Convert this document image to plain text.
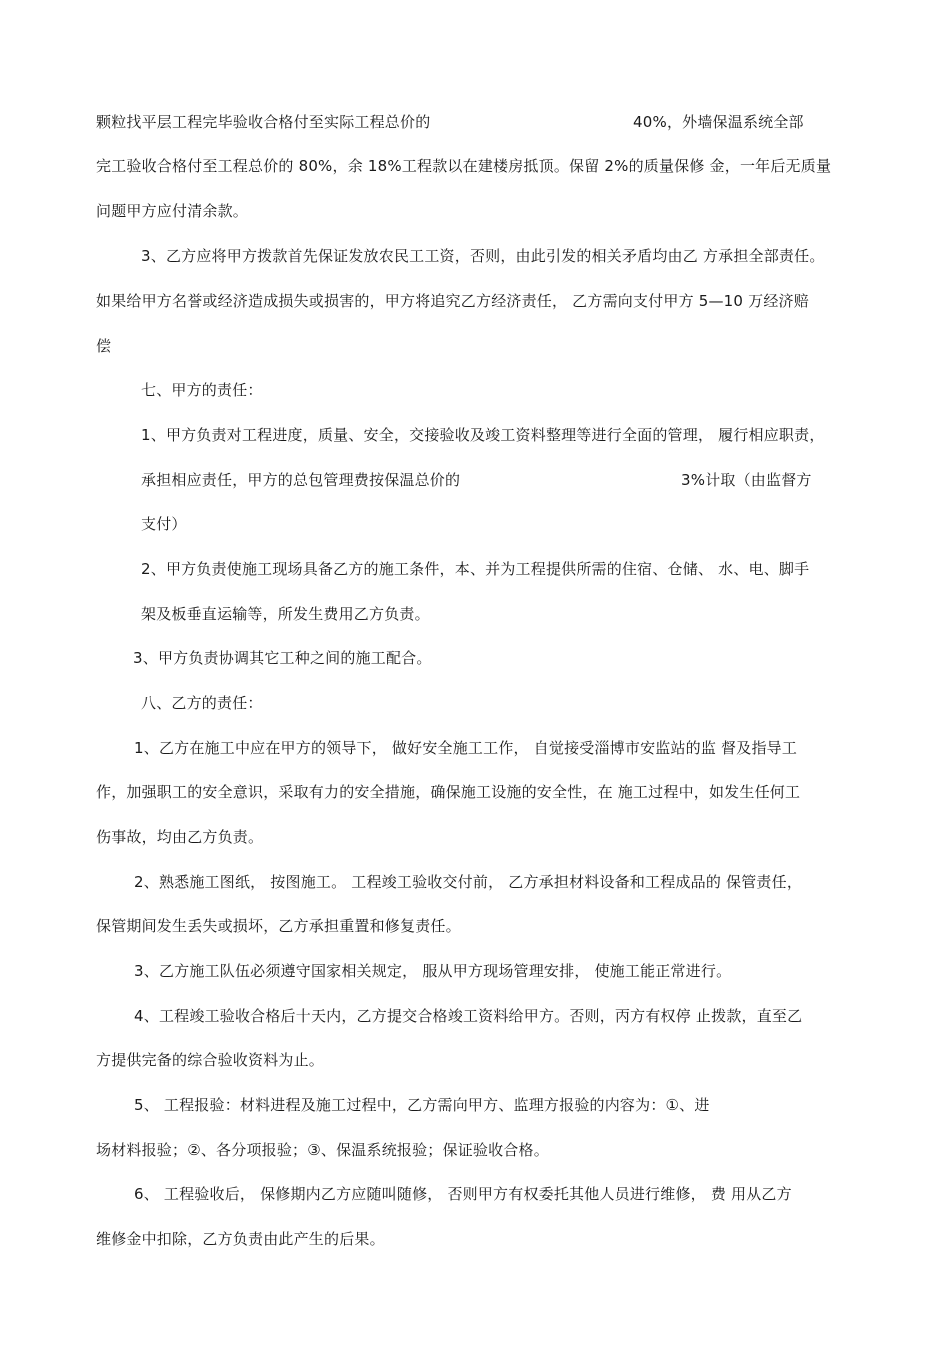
颗粒找平层工程完毕验收合格付至实际工程总价的	40%，外墙保温系统全部
完工验收合格付至工程总价的 80%，余 18%工程款以在建楼房抵顶。保留 2%的质量保修 金，一年后无质量
问题甲方应付清余款。
3、乙方应将甲方拨款首先保证发放农民工工资，否则，由此引发的相关矛盾均由乙 方承担全部责任。
如果给甲方名誉或经济造成损失或损害的，甲方将追究乙方经济责任， 乙方需向支付甲方 5—10 万经济赔
偿
七、甲方的责任：
1、甲方负责对工程进度，质量、安全，交接验收及竣工资料整理等进行全面的管理， 履行相应职责，
承担相应责任，甲方的总包管理费按保温总价的	3%计取（由监督方
支付）
2、甲方负责使施工现场具备乙方的施工条件，本、并为工程提供所需的住宿、仓储、 水、电、脚手
架及板垂直运输等，所发生费用乙方负责。
3、甲方负责协调其它工种之间的施工配合。
八、乙方的责任：
1、乙方在施工中应在甲方的领导下， 做好安全施工工作， 自觉接受淄博市安监站的监 督及指导工
作，加强职工的安全意识，采取有力的安全措施，确保施工设施的安全性，在 施工过程中，如发生任何工
伤事故，均由乙方负责。
2、熟悉施工图纸， 按图施工。 工程竣工验收交付前， 乙方承担材料设备和工程成品的 保管责任，
保管期间发生丢失或损坏，乙方承担重置和修复责任。
3、乙方施工队伍必须遵守国家相关规定， 服从甲方现场管理安排， 使施工能正常进行。
4、工程竣工验收合格后十天内，乙方提交合格竣工资料给甲方。否则，丙方有权停 止拨款，直至乙
方提供完备的综合验收资料为止。
5、 工程报验：材料进程及施工过程中，乙方需向甲方、监理方报验的内容为：①、进
场材料报验；②、各分项报验；③、保温系统报验；保证验收合格。
6、 工程验收后， 保修期内乙方应随叫随修， 否则甲方有权委托其他人员进行维修， 费 用从乙方
维修金中扣除，乙方负责由此产生的后果。
